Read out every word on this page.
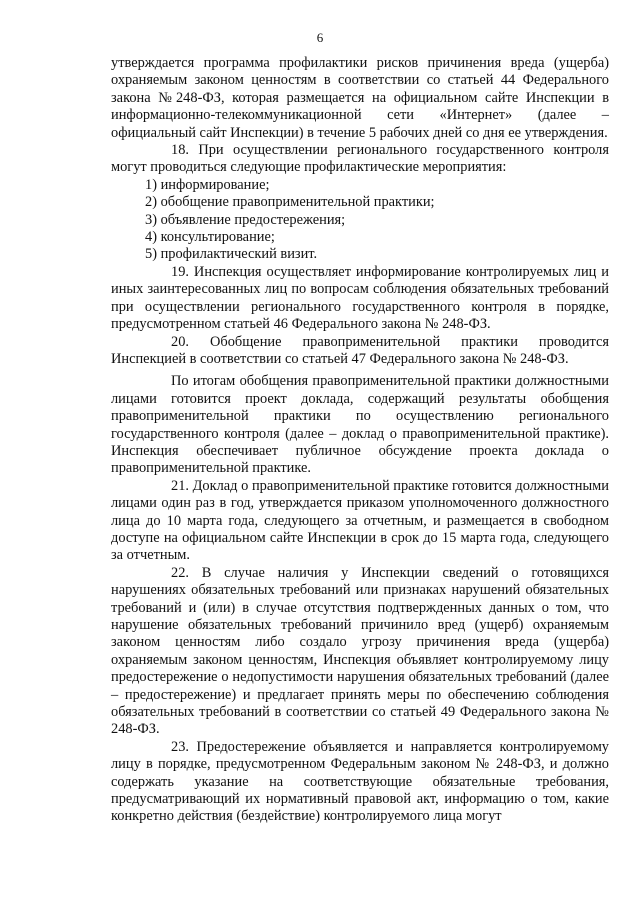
6

утверждается программа профилактики рисков причинения вреда (ущерба) охраняемым законом ценностям в соответствии со статьей 44 Федерального закона №248-ФЗ, которая размещается на официальном сайте Инспекции в информационно-телекоммуникационной сети «Интернет» (далее – официальный сайт Инспекции) в течение 5 рабочих дней со дня ее утверждения.

18. При осуществлении регионального государственного контроля могут проводиться следующие профилактические мероприятия:

1) информирование;

2) обобщение правоприменительной практики;

3) объявление предостережения;

4) консультирование;

5) профилактический визит.

19. Инспекция осуществляет информирование контролируемых лиц и иных заинтересованных лиц по вопросам соблюдения обязательных требований при осуществлении регионального государственного контроля в порядке, предусмотренном статьей 46 Федерального закона № 248-ФЗ.

20. Обобщение правоприменительной практики проводится Инспекцией в соответствии со статьей 47 Федерального закона № 248-ФЗ.

По итогам обобщения правоприменительной практики должностными лицами готовится проект доклада, содержащий результаты обобщения правоприменительной практики по осуществлению регионального государственного контроля (далее – доклад о правоприменительной практике). Инспекция обеспечивает публичное обсуждение проекта доклада о правоприменительной практике.

21. Доклад о правоприменительной практике готовится должностными лицами один раз в год, утверждается приказом уполномоченного должностного лица до 10 марта года, следующего за отчетным, и размещается в свободном доступе на официальном сайте Инспекции в срок до 15 марта года, следующего за отчетным.

22. В случае наличия у Инспекции сведений о готовящихся нарушениях обязательных требований или признаках нарушений обязательных требований и (или) в случае отсутствия подтвержденных данных о том, что нарушение обязательных требований причинило вред (ущерб) охраняемым законом ценностям либо создало угрозу причинения вреда (ущерба) охраняемым законом ценностям, Инспекция объявляет контролируемому лицу предостережение о недопустимости нарушения обязательных требований (далее – предостережение) и предлагает принять меры по обеспечению соблюдения обязательных требований в соответствии со статьей 49 Федерального закона № 248-ФЗ.

23. Предостережение объявляется и направляется контролируемому лицу в порядке, предусмотренном Федеральным законом № 248-ФЗ, и должно содержать указание на соответствующие обязательные требования, предусматривающий их нормативный правовой акт, информацию о том, какие конкретно действия (бездействие) контролируемого лица могут
